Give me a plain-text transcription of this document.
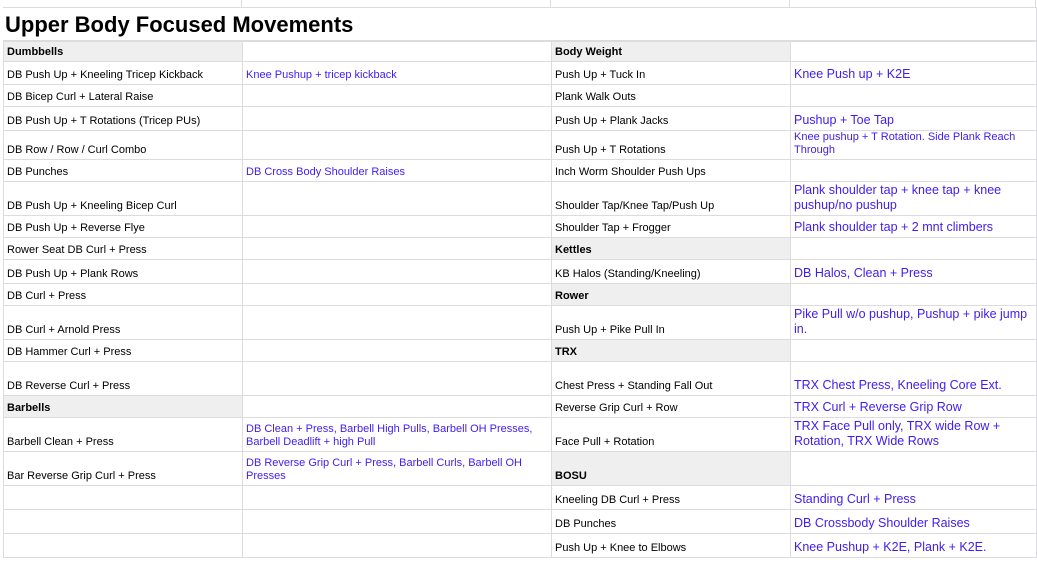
Upper Body Focused Movements
Dumbbells		Body Weight	
DB Push Up + Kneeling Tricep Kickback	Knee Pushup + tricep kickback	Push Up + Tuck In	Knee Push up + K2E
DB Bicep Curl + Lateral Raise		Plank Walk Outs	
DB Push Up + T Rotations (Tricep PUs)		Push Up + Plank Jacks	Pushup + Toe Tap
DB Row / Row / Curl Combo		Push Up + T Rotations	Knee pushup + T Rotation. Side Plank Reach Through
DB Punches	DB Cross Body Shoulder Raises	Inch Worm Shoulder Push Ups	
DB Push Up + Kneeling Bicep Curl		Shoulder Tap/Knee Tap/Push Up	Plank shoulder tap + knee tap + knee pushup/no pushup
DB Push Up + Reverse Flye		Shoulder Tap + Frogger	Plank shoulder tap + 2 mnt climbers
Rower Seat DB Curl + Press		Kettles	
DB Push Up + Plank Rows		KB Halos (Standing/Kneeling)	DB Halos, Clean + Press
DB Curl + Press		Rower	
DB Curl + Arnold Press		Push Up + Pike Pull In	Pike Pull w/o pushup, Pushup + pike jump in.
DB Hammer Curl + Press		TRX	
DB Reverse Curl + Press		Chest Press + Standing Fall Out	TRX Chest Press, Kneeling Core Ext.
Barbells		Reverse Grip Curl + Row	TRX Curl + Reverse Grip Row
Barbell Clean + Press	DB Clean + Press, Barbell High Pulls, Barbell OH Presses, Barbell Deadlift + high Pull	Face Pull + Rotation	TRX Face Pull only, TRX wide Row + Rotation, TRX Wide Rows
Bar Reverse Grip Curl + Press	DB Reverse Grip Curl + Press, Barbell Curls, Barbell OH Presses	BOSU	
		Kneeling DB Curl + Press	Standing Curl + Press
		DB Punches	DB Crossbody Shoulder Raises
		Push Up + Knee to Elbows	Knee Pushup + K2E, Plank + K2E.
